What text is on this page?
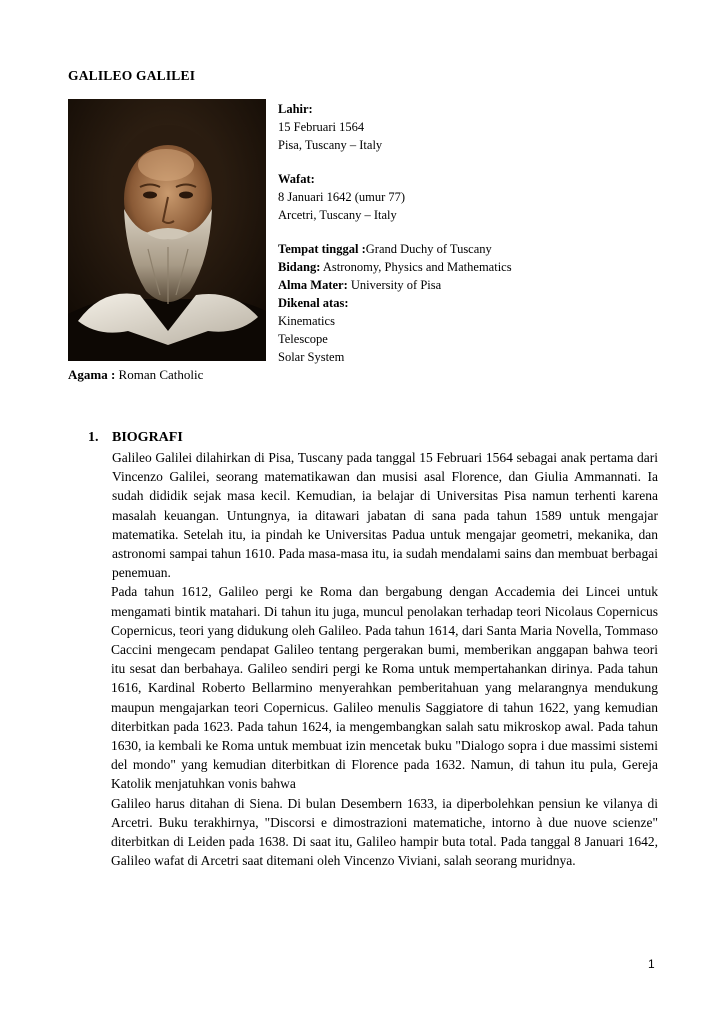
GALILEO GALILEI
Agama : Roman Catholic
Lahir:
15 Februari 1564
Pisa, Tuscany – Italy
Wafat:
8 Januari 1642 (umur 77)
Arcetri, Tuscany – Italy
Tempat tinggal :Grand Duchy of Tuscany
Bidang: Astronomy, Physics and Mathematics
Alma Mater: University of Pisa
Dikenal atas:
Kinematics
Telescope
Solar System
1. BIOGRAFI
Galileo Galilei dilahirkan di Pisa, Tuscany pada tanggal 15 Februari 1564 sebagai anak pertama dari Vincenzo Galilei, seorang matematikawan dan musisi asal Florence, dan Giulia Ammannati. Ia sudah dididik sejak masa kecil. Kemudian, ia belajar di Universitas Pisa namun terhenti karena masalah keuangan. Untungnya, ia ditawari jabatan di sana pada tahun 1589 untuk mengajar matematika. Setelah itu, ia pindah ke Universitas Padua untuk mengajar geometri, mekanika, dan astronomi sampai tahun 1610. Pada masa-masa itu, ia sudah mendalami sains dan membuat berbagai penemuan.
Pada tahun 1612, Galileo pergi ke Roma dan bergabung dengan Accademia dei Lincei untuk mengamati bintik matahari. Di tahun itu juga, muncul penolakan terhadap teori Nicolaus Copernicus Copernicus, teori yang didukung oleh Galileo. Pada tahun 1614, dari Santa Maria Novella, Tommaso Caccini mengecam pendapat Galileo tentang pergerakan bumi, memberikan anggapan bahwa teori itu sesat dan berbahaya. Galileo sendiri pergi ke Roma untuk mempertahankan dirinya. Pada tahun 1616, Kardinal Roberto Bellarmino menyerahkan pemberitahuan yang melarangnya mendukung maupun mengajarkan teori Copernicus. Galileo menulis Saggiatore di tahun 1622, yang kemudian diterbitkan pada 1623. Pada tahun 1624, ia mengembangkan salah satu mikroskop awal. Pada tahun 1630, ia kembali ke Roma untuk membuat izin mencetak buku "Dialogo sopra i due massimi sistemi del mondo" yang kemudian diterbitkan di Florence pada 1632. Namun, di tahun itu pula, Gereja Katolik menjatuhkan vonis bahwa
Galileo harus ditahan di Siena. Di bulan Desembern 1633, ia diperbolehkan pensiun ke vilanya di Arcetri. Buku terakhirnya, "Discorsi e dimostrazioni matematiche, intorno à due nuove scienze" diterbitkan di Leiden pada 1638. Di saat itu, Galileo hampir buta total. Pada tanggal 8 Januari 1642, Galileo wafat di Arcetri saat ditemani oleh Vincenzo Viviani, salah seorang muridnya.
1
